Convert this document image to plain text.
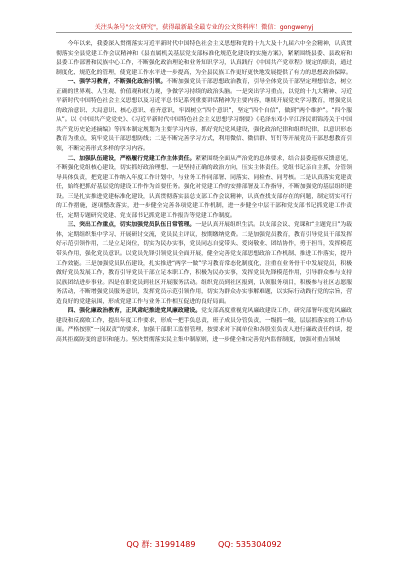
关注头条号"公文研究"，获得最新最全最专业的公文资料库！微信：gongwenyj

今年以来，我委深入贯彻落实习近平新时代中国特色社会主义思想和党的十九大及十九届六中全会精神，认真贯彻落实全县党建工作会议精神和《县直属机关基层党支部标准化规范化建设的实施方案》，紧紧围绕县委、县政府和县委工作部署和民族中心工作，不断强化政治理论和业务知识学习，认真践行《中国共产党章程》规定的职责，通过制度化、规范化的管理，使党建工作水平进一步提高，为全县民族工作更好更快地发展提供了有力的思想政治保障。

一、强学习教育，不断强化政治引领。不断加强党员干部思想政治教育，引导全体党员干部坚定理想信念，树立正确的世界观、人生观、价值观和权力观，争做学习持续的政治头脑。一是突出学习重点，以党的十九大精神、习近平新时代中国特色社会主义思想以及习近平总书记系列重要讲话精神为主要内容，继续开展党史学习教育，增强党员的政治意识、大局意识、核心意识、看齐意识，牢固树立“四个意识”，坚定“四个自信”，做到“两个维护”。“四个服从”。以《中国共产党党史》、《习近平新时代中国特色社会主义思想学习纲要》《毛泽东邓小平江泽民胡锦涛关于中国共产党历史论述摘编》等四本制定规划为主要学习内容，抓好党纪党风建设，强化政治纪律和组织纪律，以意识形态教育为重点，筑牢党员干部思想防线；二是不断完善学习方式，利用微信、微信群、钉钉等开展党员干部思想教育引领，不断完善形式多样的学习内容。

二、加强队伍建设，严格履行党建工作主体责任。紧紧围绕全面从严治党的总体要求，结合县委巡察反馈意见，不断强化党组核心建设，切实抓好政治理想、一是坚持正确的政治方向，压实主体责任。党组书记亲自主抓，分管领导具体负责，把党建工作纳入年度工作计划中，与业务工作同部署、同落实、同检查、同考核。二是认真落实党建责任，始终把抓好基层党的建设工作作为首要任务。强化对党建工作的安排部署及工作指导，不断加强党的基层组织建设。三是扎实推进党建标准化建设，认真贯彻落实县总支部工作会议精神，认真查找支部存在的问题，制定切实可行的工作措施，逐项整改落实，进一步健全完善各项党建工作机制，进一步健全中层干部和党支部书记抓党建工作责任，定期专题研究党建、党支部书记抓党建工作报告等党建工作制度。

三、突出工作重点，切实加强党员队伍日常管理。一是认真开展组织生活。以支部会议、党课和“主题党日”为载体，定期组织集中学习、开展研讨交流，党员民主评议，按期缴纳党费。二是加强党员教育，教育引导党员干部发挥好示范引领作用，二是立足岗位，切实为民办实事，党员同志自觉带头、爱岗敬业、团结协作，勇于担当，发挥模范带头作用，强化党员意识。以党员先锋引领党员全面开展，健全完善党支部思想政治工作机制、推进工作落实，提升工作效能。三是加强党员队伍建设，扎实推进“两学一做”学习教育常态化制度化，注重在业务骨干中发展党员，积极做好党员发展工作，教育引导党员干部立足本职工作，积极为民办实事，发挥党员先锋模范作用，引导群众参与支持民族团结进步事业。四是在职党员到社区开展服务活动。组织党员到社区报到，认领服务项目，积极参与社区志愿服务活动，不断增强党员服务意识，发挥党员示范引领作用，切实为群众办实事解难题，以实际行动践行党的宗旨，营造良好的党建氛围，形成党建工作与业务工作相互促进的良好局面。

四、强化廉政治教育，正风肃纪推进党风廉政建设。党支部高度重视党风廉政建设工作，研究部署年度党风廉政建设和反腐败工作，提出年度工作要求，形成一把手负总责，班子成员分管负责，一级抓一级，层层抓落实的工作局面。严格按照“一岗双责”的要求，加强干部职工监督管理，按要求对下属单位和各股室负责人进行廉政责任约谈，提高其拒腐防变的意识和能力。坚决贯彻落实民主集中制原则，进一步健全和完善党内监督制度，加强对重点领域

QQ 群: 31991489	QQ: 535304092
